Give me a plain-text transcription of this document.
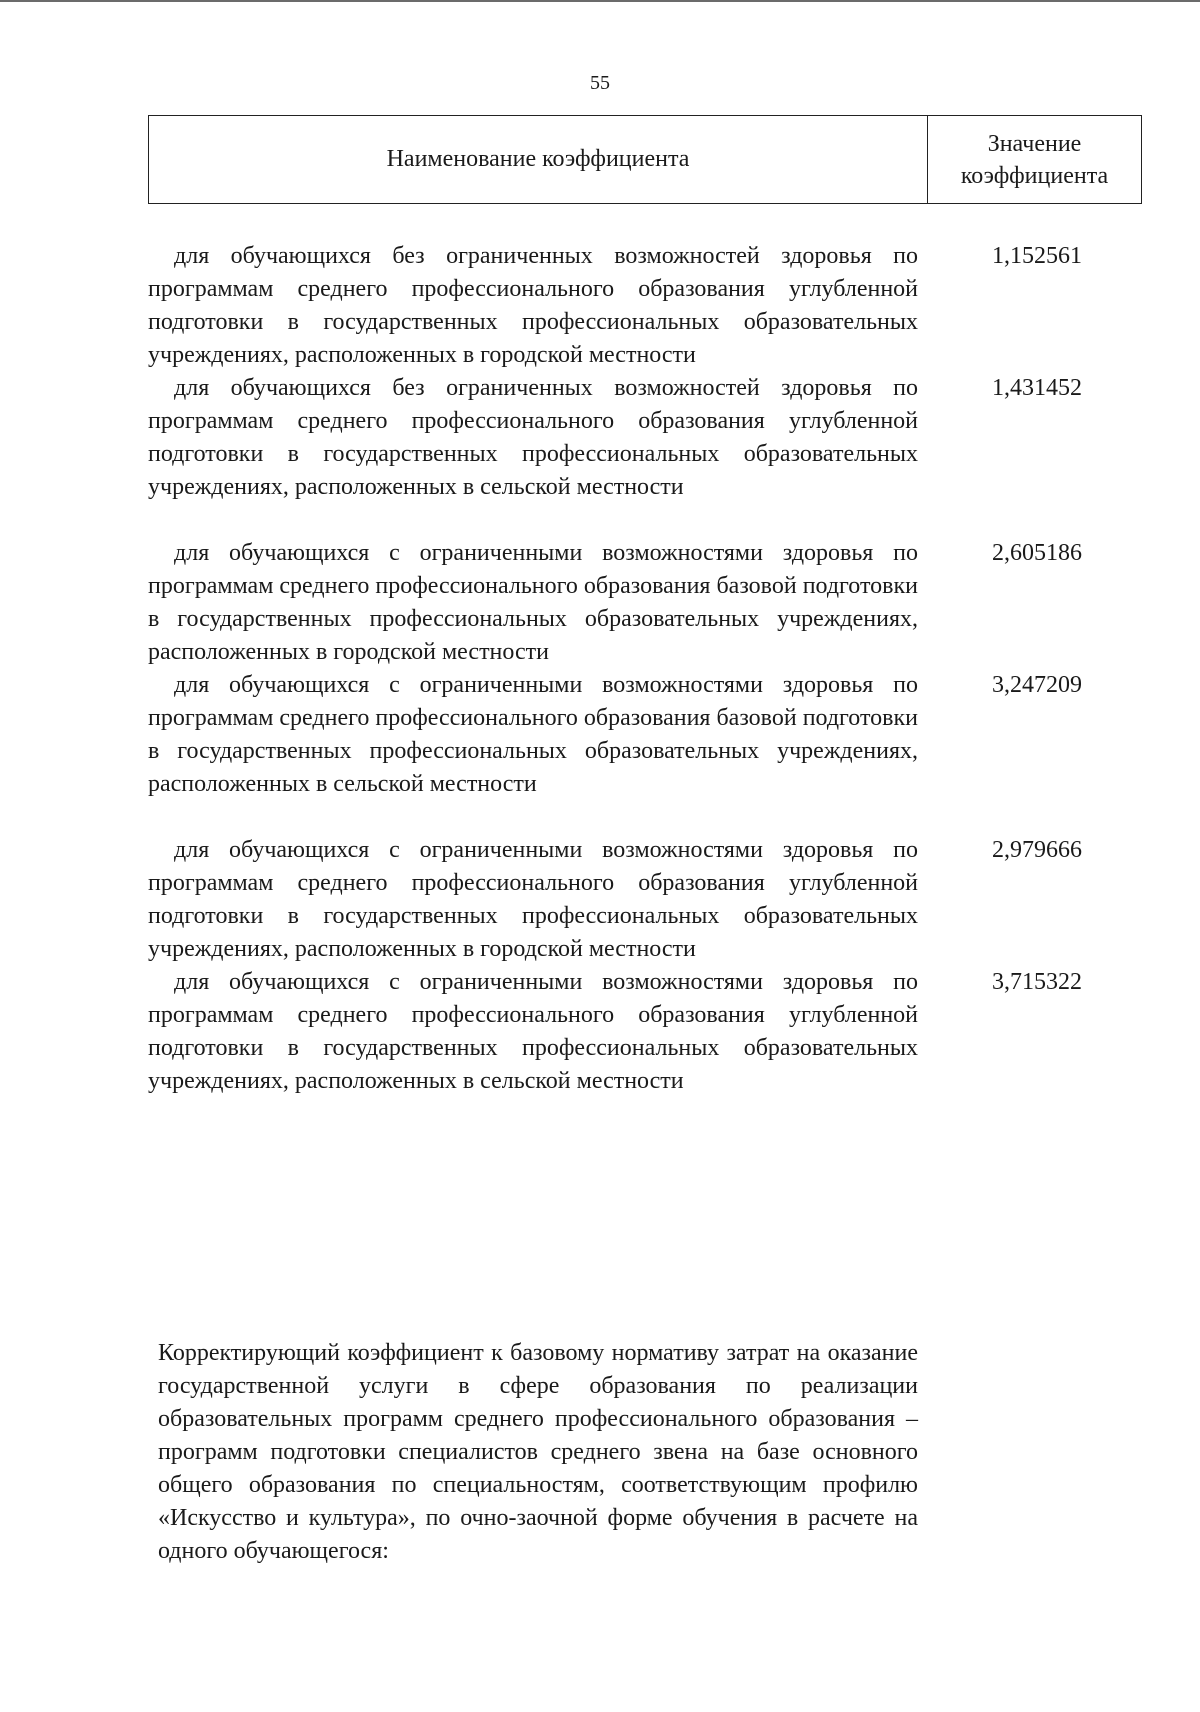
55
Наименование коэффициента
Значение коэффициента
для обучающихся без ограниченных возможностей здоровья по программам среднего профессионального образования углубленной подготовки в государственных профессиональных образовательных учреждениях, расположенных в городской местности
1,152561
для обучающихся без ограниченных возможностей здоровья по программам среднего профессионального образования углубленной подготовки в государственных профессиональных образовательных учреждениях, расположенных в сельской местности
1,431452
для обучающихся с ограниченными возможностями здоровья по программам среднего профессионального образования базовой подготовки в государственных профессиональных образовательных учреждениях, расположенных в городской местности
2,605186
для обучающихся с ограниченными возможностями здоровья по программам среднего профессионального образования базовой подготовки в государственных профессиональных образовательных учреждениях, расположенных в сельской местности
3,247209
для обучающихся с ограниченными возможностями здоровья по программам среднего профессионального образования углубленной подготовки в государственных профессиональных образовательных учреждениях, расположенных в городской местности
2,979666
для обучающихся с ограниченными возможностями здоровья по программам среднего профессионального образования углубленной подготовки в государственных профессиональных образовательных учреждениях, расположенных в сельской местности
3,715322
Корректирующий коэффициент к базовому нормативу затрат на оказание государственной услуги в сфере образования по реализации образовательных программ среднего профессионального образования – программ подготовки специалистов среднего звена на базе основного общего образования по специальностям, соответствующим профилю «Искусство и культура», по очно-заочной форме обучения в расчете на одного обучающегося:
